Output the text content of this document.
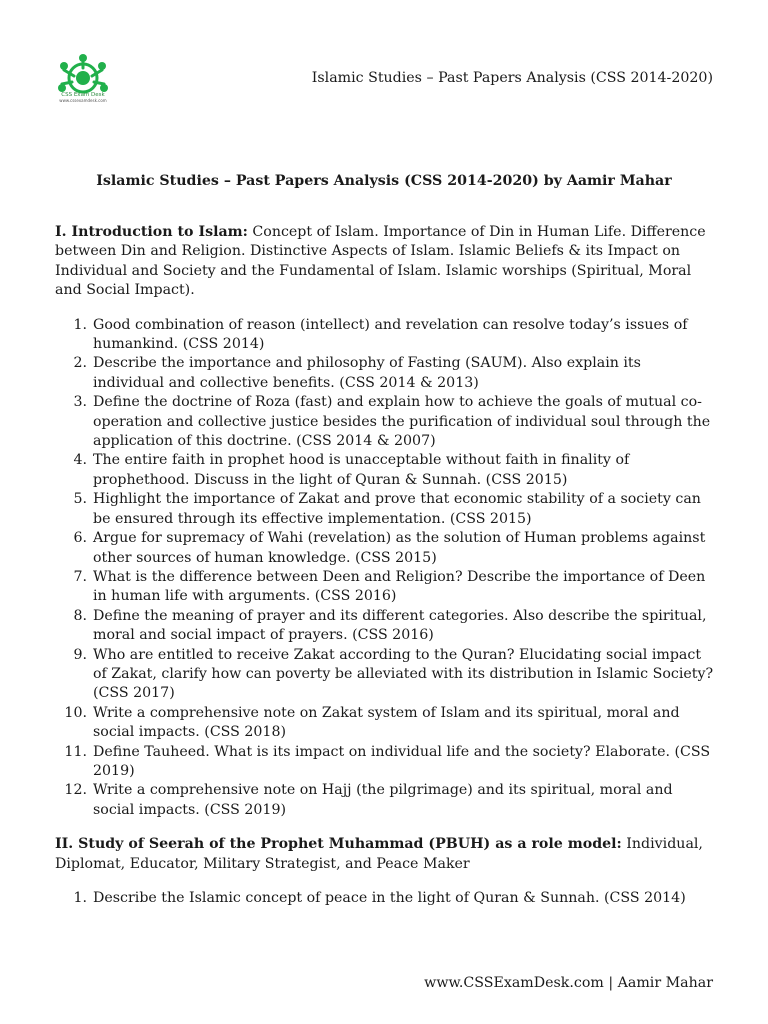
CSS Exam Desk
www.cssexamdesk.com
Islamic Studies – Past Papers Analysis (CSS 2014-2020)
Islamic Studies – Past Papers Analysis (CSS 2014-2020) by Aamir Mahar

I. Introduction to Islam: Concept of Islam. Importance of Din in Human Life. Difference between Din and Religion. Distinctive Aspects of Islam. Islamic Beliefs & its Impact on Individual and Society and the Fundamental of Islam. Islamic worships (Spiritual, Moral and Social Impact).

1. Good combination of reason (intellect) and revelation can resolve today’s issues of humankind. (CSS 2014)
2. Describe the importance and philosophy of Fasting (SAUM). Also explain its individual and collective benefits. (CSS 2014 & 2013)
3. Define the doctrine of Roza (fast) and explain how to achieve the goals of mutual co-operation and collective justice besides the purification of individual soul through the application of this doctrine. (CSS 2014 & 2007)
4. The entire faith in prophet hood is unacceptable without faith in finality of prophethood. Discuss in the light of Quran & Sunnah. (CSS 2015)
5. Highlight the importance of Zakat and prove that economic stability of a society can be ensured through its effective implementation. (CSS 2015)
6. Argue for supremacy of Wahi (revelation) as the solution of Human problems against other sources of human knowledge. (CSS 2015)
7. What is the difference between Deen and Religion? Describe the importance of Deen in human life with arguments. (CSS 2016)
8. Define the meaning of prayer and its different categories. Also describe the spiritual, moral and social impact of prayers. (CSS 2016)
9. Who are entitled to receive Zakat according to the Quran? Elucidating social impact of Zakat, clarify how can poverty be alleviated with its distribution in Islamic Society? (CSS 2017)
10. Write a comprehensive note on Zakat system of Islam and its spiritual, moral and social impacts. (CSS 2018)
11. Define Tauheed. What is its impact on individual life and the society? Elaborate. (CSS 2019)
12. Write a comprehensive note on Hajj (the pilgrimage) and its spiritual, moral and social impacts. (CSS 2019)

II. Study of Seerah of the Prophet Muhammad (PBUH) as a role model: Individual, Diplomat, Educator, Military Strategist, and Peace Maker

1. Describe the Islamic concept of peace in the light of Quran & Sunnah. (CSS 2014)
www.CSSExamDesk.com | Aamir Mahar
